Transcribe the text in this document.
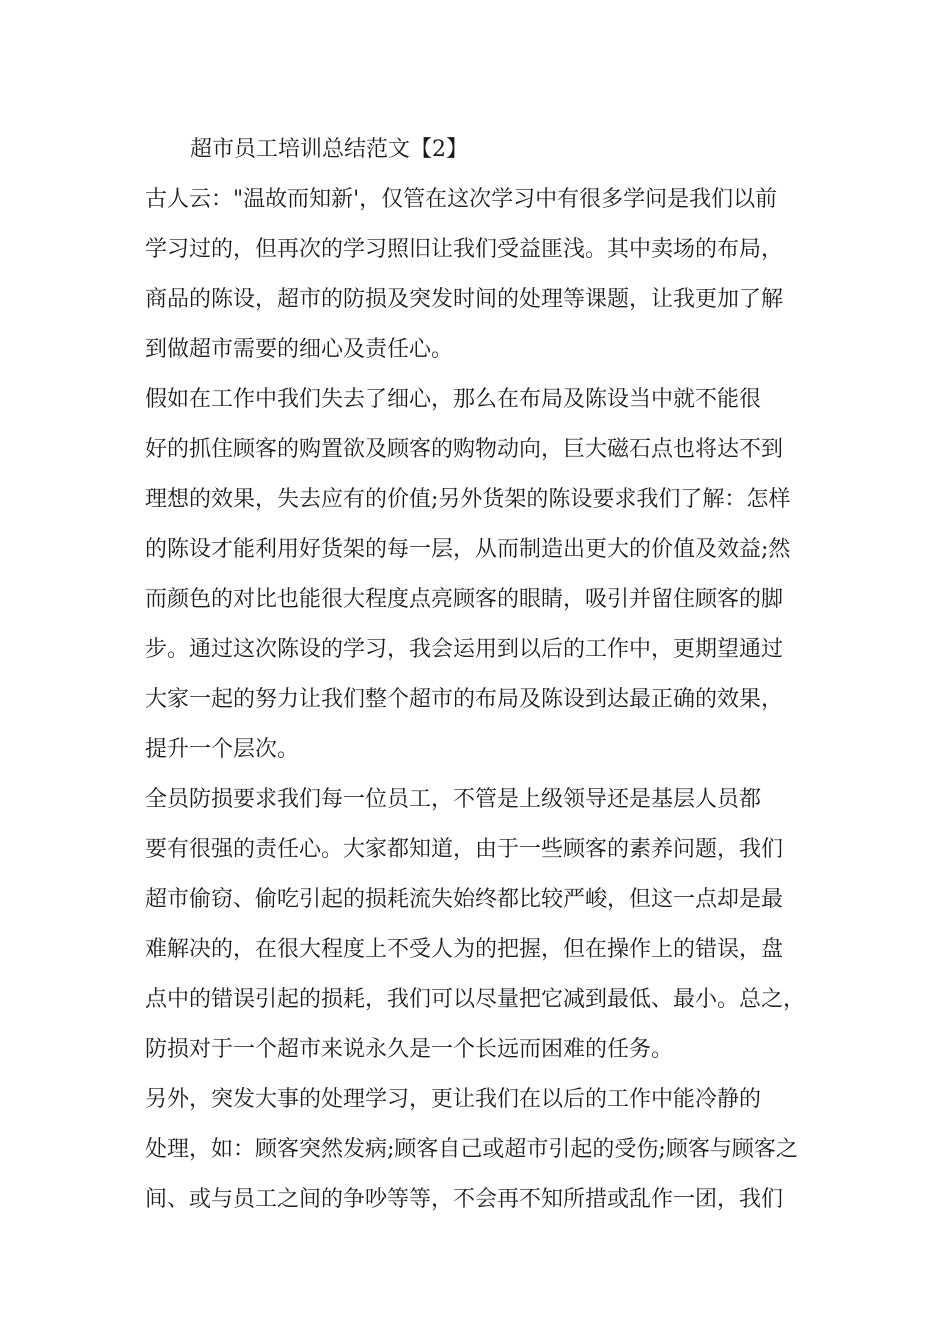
超市员工培训总结范文【2】
古人云："温故而知新'，仅管在这次学习中有很多学问是我们以前
学习过的，但再次的学习照旧让我们受益匪浅。其中卖场的布局，
商品的陈设，超市的防损及突发时间的处理等课题，让我更加了解
到做超市需要的细心及责任心。
假如在工作中我们失去了细心，那么在布局及陈设当中就不能很
好的抓住顾客的购置欲及顾客的购物动向，巨大磁石点也将达不到
理想的效果，失去应有的价值;另外货架的陈设要求我们了解：怎样
的陈设才能利用好货架的每一层，从而制造出更大的价值及效益;然
而颜色的对比也能很大程度点亮顾客的眼睛，吸引并留住顾客的脚
步。通过这次陈设的学习，我会运用到以后的工作中，更期望通过
大家一起的努力让我们整个超市的布局及陈设到达最正确的效果，
提升一个层次。
全员防损要求我们每一位员工，不管是上级领导还是基层人员都
要有很强的责任心。大家都知道，由于一些顾客的素养问题，我们
超市偷窃、偷吃引起的损耗流失始终都比较严峻，但这一点却是最
难解决的，在很大程度上不受人为的把握，但在操作上的错误，盘
点中的错误引起的损耗，我们可以尽量把它减到最低、最小。总之，
防损对于一个超市来说永久是一个长远而困难的任务。
另外，突发大事的处理学习，更让我们在以后的工作中能冷静的
处理，如：顾客突然发病;顾客自己或超市引起的受伤;顾客与顾客之
间、或与员工之间的争吵等等，不会再不知所措或乱作一团，我们
